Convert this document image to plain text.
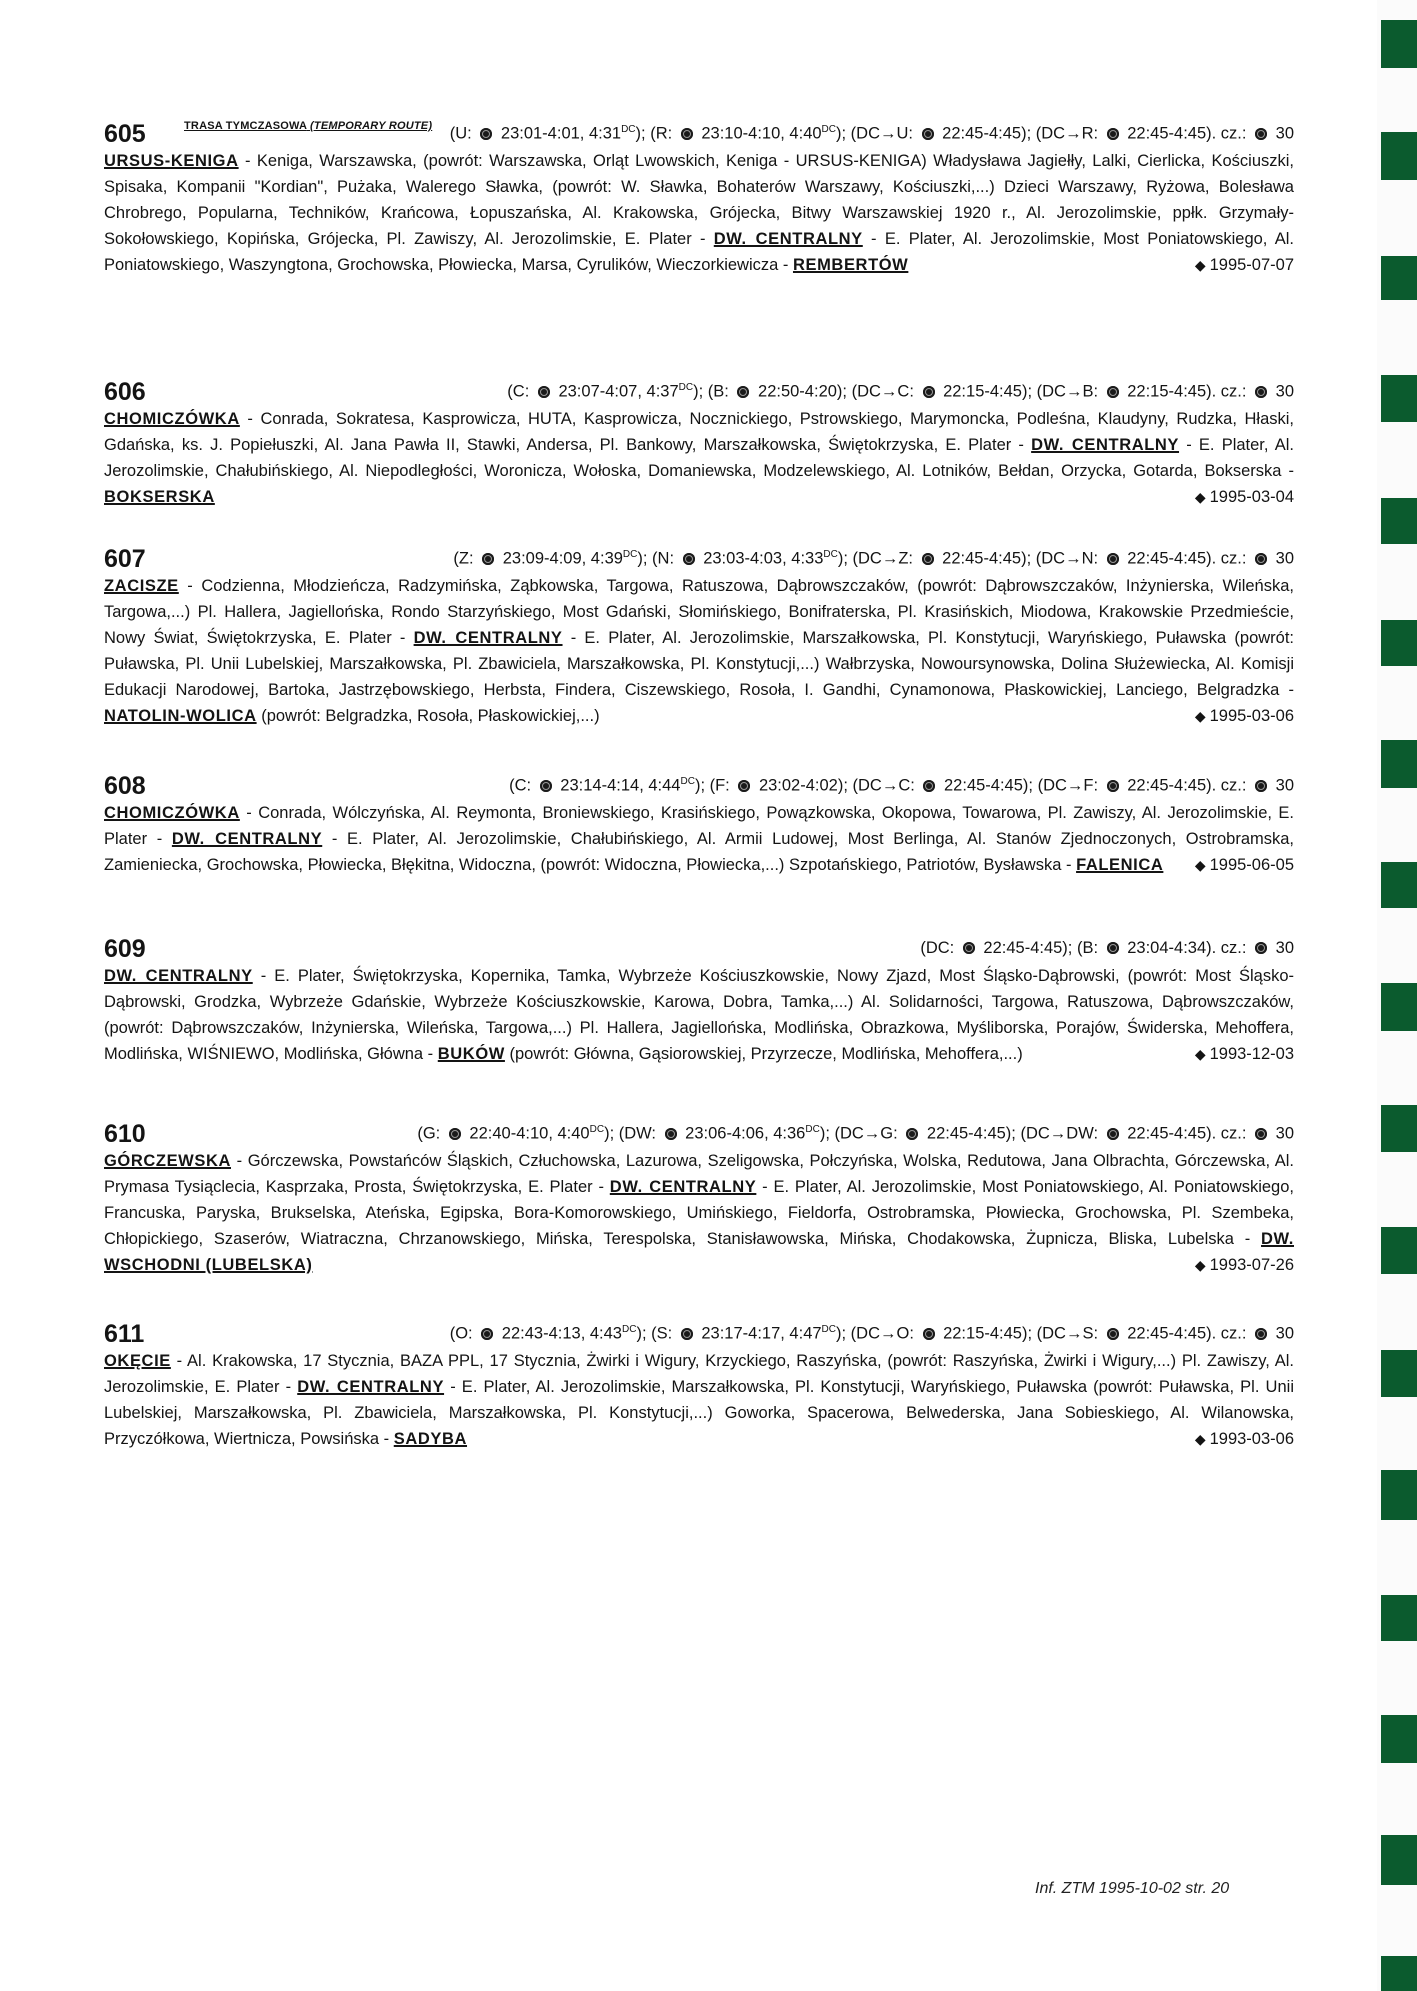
TRASA TYMCZASOWA (TEMPORARY ROUTE)
605	(U:  23:01-4:01, $4:31^{DC}$); (R:  23:10-4:10, $4:40^{DC}$); (DC→U:  22:45-4:45); (DC→R:  22:45-4:45). cz.:  30
URSUS-KENIGA - Keniga, Warszawska, (powrót: Warszawska, Orląt Lwowskich, Keniga - URSUS-KENIGA) Władysława Jagiełły, Lalki, Cierlicka, Kościuszki, Spisaka, Kompanii "Kordian", Pużaka, Walerego Sławka, (powrót: W. Sławka, Bohaterów Warszawy, Kościuszki,...) Dzieci Warszawy, Ryżowa, Bolesława Chrobrego, Popularna, Techników, Krańcowa, Łopuszańska, Al. Krakowska, Grójecka, Bitwy Warszawskiej 1920 r., Al. Jerozolimskie, ppłk. Grzymały-Sokołowskiego, Kopińska, Grójecka, Pl. Zawiszy, Al. Jerozolimskie, E. Plater - DW. CENTRALNY - E. Plater, Al. Jerozolimskie, Most Poniatowskiego, Al. Poniatowskiego, Waszyngtona, Grochowska, Płowiecka, Marsa, Cyrulików, Wieczorkiewicza - REMBERTÓW	◆ 1995-07-07
606	(C:  23:07-4:07, $4:37^{DC}$); (B:  22:50-4:20); (DC→C:  22:15-4:45); (DC→B:  22:15-4:45). cz.:  30
CHOMICZÓWKA - Conrada, Sokratesa, Kasprowicza, HUTA, Kasprowicza, Nocznickiego, Pstrowskiego, Marymoncka, Podleśna, Klaudyny, Rudzka, Hłaski, Gdańska, ks. J. Popiełuszki, Al. Jana Pawła II, Stawki, Andersa, Pl. Bankowy, Marszałkowska, Świętokrzyska, E. Plater - DW. CENTRALNY - E. Plater, Al. Jerozolimskie, Chałubińskiego, Al. Niepodległości, Woronicza, Wołoska, Domaniewska, Modzelewskiego, Al. Lotników, Bełdan, Orzycka, Gotarda, Bokserska - BOKSERSKA	◆ 1995-03-04
607	(Z:  23:09-4:09, $4:39^{DC}$); (N:  23:03-4:03, $4:33^{DC}$); (DC→Z:  22:45-4:45); (DC→N:  22:45-4:45). cz.:  30
ZACISZE - Codzienna, Młodzieńcza, Radzymińska, Ząbkowska, Targowa, Ratuszowa, Dąbrowszczaków, (powrót: Dąbrowszczaków, Inżynierska, Wileńska, Targowa,...) Pl. Hallera, Jagiellońska, Rondo Starzyńskiego, Most Gdański, Słomińskiego, Bonifraterska, Pl. Krasińskich, Miodowa, Krakowskie Przedmieście, Nowy Świat, Świętokrzyska, E. Plater - DW. CENTRALNY - E. Plater, Al. Jerozolimskie, Marszałkowska, Pl. Konstytucji, Waryńskiego, Puławska (powrót: Puławska, Pl. Unii Lubelskiej, Marszałkowska, Pl. Zbawiciela, Marszałkowska, Pl. Konstytucji,...) Wałbrzyska, Nowoursynowska, Dolina Służewiecka, Al. Komisji Edukacji Narodowej, Bartoka, Jastrzębowskiego, Herbsta, Findera, Ciszewskiego, Rosoła, I. Gandhi, Cynamonowa, Płaskowickiej, Lanciego, Belgradzka - NATOLIN-WOLICA (powrót: Belgradzka, Rosoła, Płaskowickiej,...)	◆ 1995-03-06
608	(C:  23:14-4:14, $4:44^{DC}$); (F:  23:02-4:02); (DC→C:  22:45-4:45); (DC→F:  22:45-4:45). cz.:  30
CHOMICZÓWKA - Conrada, Wólczyńska, Al. Reymonta, Broniewskiego, Krasińskiego, Powązkowska, Okopowa, Towarowa, Pl. Zawiszy, Al. Jerozolimskie, E. Plater - DW. CENTRALNY - E. Plater, Al. Jerozolimskie, Chałubińskiego, Al. Armii Ludowej, Most Berlinga, Al. Stanów Zjednoczonych, Ostrobramska, Zamieniecka, Grochowska, Płowiecka, Błękitna, Widoczna, (powrót: Widoczna, Płowiecka,...) Szpotańskiego, Patriotów, Bysławska - FALENICA	◆ 1995-06-05
609	(DC:  22:45-4:45); (B:  23:04-4:34). cz.:  30
DW. CENTRALNY - E. Plater, Świętokrzyska, Kopernika, Tamka, Wybrzeże Kościuszkowskie, Nowy Zjazd, Most Śląsko-Dąbrowski, (powrót: Most Śląsko-Dąbrowski, Grodzka, Wybrzeże Gdańskie, Wybrzeże Kościuszkowskie, Karowa, Dobra, Tamka,...) Al. Solidarności, Targowa, Ratuszowa, Dąbrowszczaków, (powrót: Dąbrowszczaków, Inżynierska, Wileńska, Targowa,...) Pl. Hallera, Jagiellońska, Modlińska, Obrazkowa, Myśliborska, Porajów, Świderska, Mehoffera, Modlińska, WIŚNIEWO, Modlińska, Główna - BUKÓW (powrót: Główna, Gąsiorowskiej, Przyrzecze, Modlińska, Mehoffera,...)	◆ 1993-12-03
610	(G:  22:40-4:10, $4:40^{DC}$); (DW:  23:06-4:06, $4:36^{DC}$); (DC→G:  22:45-4:45); (DC→DW:  22:45-4:45). cz.:  30
GÓRCZEWSKA - Górczewska, Powstańców Śląskich, Człuchowska, Lazurowa, Szeligowska, Połczyńska, Wolska, Redutowa, Jana Olbrachta, Górczewska, Al. Prymasa Tysiąclecia, Kasprzaka, Prosta, Świętokrzyska, E. Plater - DW. CENTRALNY - E. Plater, Al. Jerozolimskie, Most Poniatowskiego, Al. Poniatowskiego, Francuska, Paryska, Brukselska, Ateńska, Egipska, Bora-Komorowskiego, Umińskiego, Fieldorfa, Ostrobramska, Płowiecka, Grochowska, Pl. Szembeka, Chłopickiego, Szaserów, Wiatraczna, Chrzanowskiego, Mińska, Terespolska, Stanisławowska, Mińska, Chodakowska, Żupnicza, Bliska, Lubelska - DW. WSCHODNI (LUBELSKA)	◆ 1993-07-26
611	(O:  22:43-4:13, $4:43^{DC}$); (S:  23:17-4:17, $4:47^{DC}$); (DC→O:  22:15-4:45); (DC→S:  22:45-4:45). cz.:  30
OKĘCIE - Al. Krakowska, 17 Stycznia, BAZA PPL, 17 Stycznia, Żwirki i Wigury, Krzyckiego, Raszyńska, (powrót: Raszyńska, Żwirki i Wigury,...) Pl. Zawiszy, Al. Jerozolimskie, E. Plater - DW. CENTRALNY - E. Plater, Al. Jerozolimskie, Marszałkowska, Pl. Konstytucji, Waryńskiego, Puławska (powrót: Puławska, Pl. Unii Lubelskiej, Marszałkowska, Pl. Zbawiciela, Marszałkowska, Pl. Konstytucji,...) Goworka, Spacerowa, Belwederska, Jana Sobieskiego, Al. Wilanowska, Przyczółkowa, Wiertnicza, Powsińska - SADYBA	◆ 1993-03-06
Inf. ZTM 1995-10-02 str. 20
